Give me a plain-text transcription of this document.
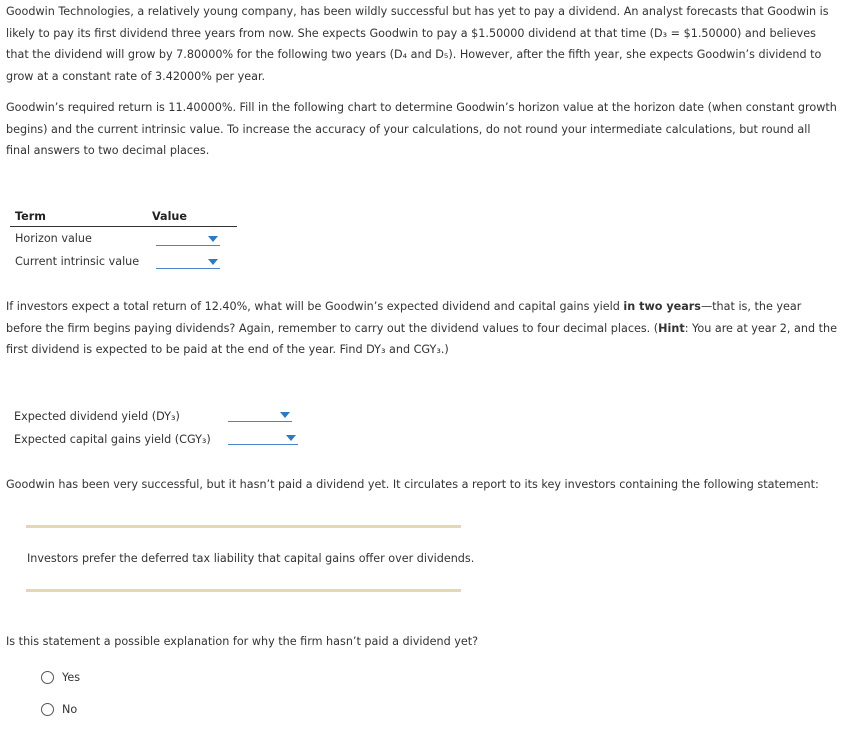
Goodwin Technologies, a relatively young company, has been wildly successful but has yet to pay a dividend. An analyst forecasts that Goodwin is likely to pay its first dividend three years from now. She expects Goodwin to pay a $1.50000 dividend at that time (D₃ = $1.50000) and believes that the dividend will grow by 7.80000% for the following two years (D₄ and D₅). However, after the fifth year, she expects Goodwin’s dividend to grow at a constant rate of 3.42000% per year.

Goodwin’s required return is 11.40000%. Fill in the following chart to determine Goodwin’s horizon value at the horizon date (when constant growth begins) and the current intrinsic value. To increase the accuracy of your calculations, do not round your intermediate calculations, but round all final answers to two decimal places.

Term	Value
Horizon value
Current intrinsic value

If investors expect a total return of 12.40%, what will be Goodwin’s expected dividend and capital gains yield in two years—that is, the year before the firm begins paying dividends? Again, remember to carry out the dividend values to four decimal places. (Hint: You are at year 2, and the first dividend is expected to be paid at the end of the year. Find DY₃ and CGY₃.)

Expected dividend yield (DY₃)
Expected capital gains yield (CGY₃)

Goodwin has been very successful, but it hasn’t paid a dividend yet. It circulates a report to its key investors containing the following statement:

Investors prefer the deferred tax liability that capital gains offer over dividends.

Is this statement a possible explanation for why the firm hasn’t paid a dividend yet?

Yes
No
